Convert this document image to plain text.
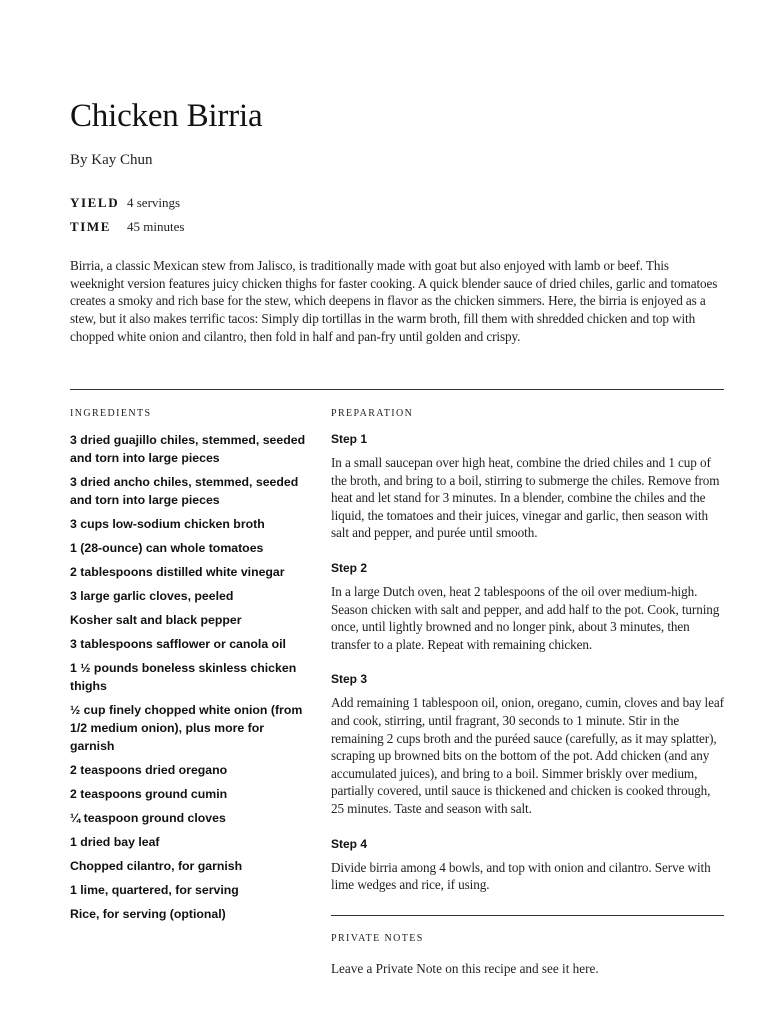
Chicken Birria
By Kay Chun
YIELD 4 servings
TIME	45 minutes

Birria, a classic Mexican stew from Jalisco, is traditionally made with goat but also enjoyed with lamb or beef. This weeknight version features juicy chicken thighs for faster cooking. A quick blender sauce of dried chiles, garlic and tomatoes creates a smoky and rich base for the stew, which deepens in flavor as the chicken simmers. Here, the birria is enjoyed as a stew, but it also makes terrific tacos: Simply dip tortillas in the warm broth, fill them with shredded chicken and top with chopped white onion and cilantro, then fold in half and pan-fry until golden and crispy.

INGREDIENTS	PREPARATION
3 dried guajillo chiles, stemmed, seeded and torn into large pieces
3 dried ancho chiles, stemmed, seeded and torn into large pieces
3 cups low-sodium chicken broth
1 (28-ounce) can whole tomatoes
2 tablespoons distilled white vinegar
3 large garlic cloves, peeled
Kosher salt and black pepper
3 tablespoons safflower or canola oil
1 ½ pounds boneless skinless chicken thighs
½ cup finely chopped white onion (from 1/2 medium onion), plus more for garnish
2 teaspoons dried oregano
2 teaspoons ground cumin
¼ teaspoon ground cloves
1 dried bay leaf
Chopped cilantro, for garnish
1 lime, quartered, for serving
Rice, for serving (optional)
Step 1

In a small saucepan over high heat, combine the dried chiles and 1 cup of the broth, and bring to a boil, stirring to submerge the chiles. Remove from heat and let stand for 3 minutes. In a blender, combine the chiles and the liquid, the tomatoes and their juices, vinegar and garlic, then season with salt and pepper, and purée until smooth.

Step 2

In a large Dutch oven, heat 2 tablespoons of the oil over medium-high. Season chicken with salt and pepper, and add half to the pot. Cook, turning once, until lightly browned and no longer pink, about 3 minutes, then transfer to a plate. Repeat with remaining chicken.

Step 3

Add remaining 1 tablespoon oil, onion, oregano, cumin, cloves and bay leaf and cook, stirring, until fragrant, 30 seconds to 1 minute. Stir in the remaining 2 cups broth and the puréed sauce (carefully, as it may splatter), scraping up browned bits on the bottom of the pot. Add chicken (and any accumulated juices), and bring to a boil. Simmer briskly over medium, partially covered, until sauce is thickened and chicken is cooked through, 25 minutes. Taste and season with salt.

Step 4

Divide birria among 4 bowls, and top with onion and cilantro. Serve with lime wedges and rice, if using.

PRIVATE NOTES
Leave a Private Note on this recipe and see it here.
